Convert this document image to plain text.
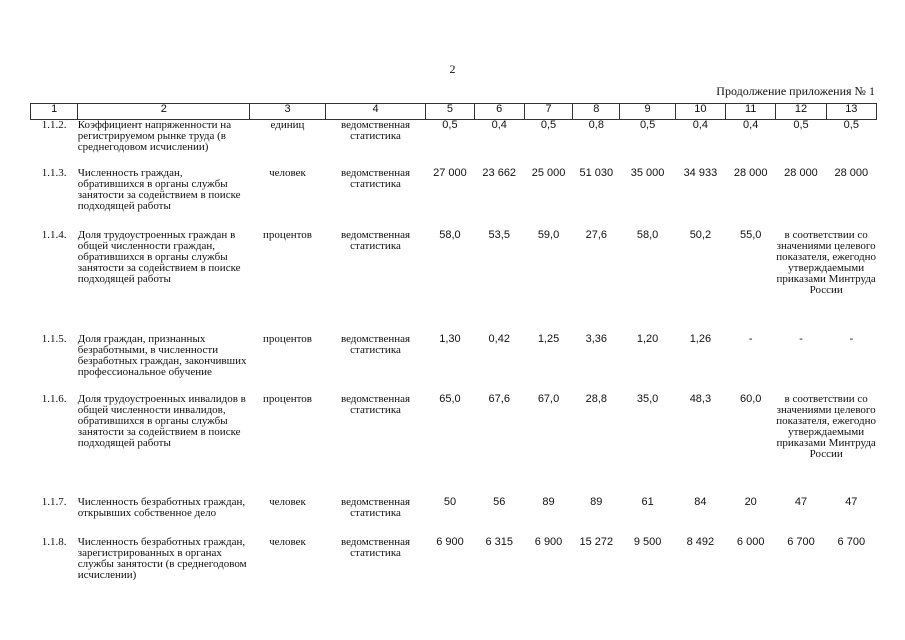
2
Продолжение приложения № 1
1	2	3	4	5	6	7	8	9	10	11	12	13
1.1.2.	Коэффициент напряженности на регистрируемом рынке труда (в среднегодовом исчислении)	единиц	ведомственная статистика	0,5	0,4	0,5	0,8	0,5	0,4	0,4	0,5	0,5
1.1.3.	Численность граждан, обратившихся в органы службы занятости за содействием в поиске подходящей работы	человек	ведомственная статистика	27 000	23 662	25 000	51 030	35 000	34 933	28 000	28 000	28 000
1.1.4.	Доля трудоустроенных граждан в общей численности граждан, обратившихся в органы службы занятости за содействием в поиске подходящей работы	процентов	ведомственная статистика	58,0	53,5	59,0	27,6	58,0	50,2	55,0	в соответствии со значениями целевого показателя, ежегодно утверждаемыми приказами Минтруда России	
1.1.5.	Доля граждан, признанных безработными, в численности безработных граждан, закончивших профессиональное обучение	процентов	ведомственная статистика	1,30	0,42	1,25	3,36	1,20	1,26	-	-	-
1.1.6.	Доля трудоустроенных инвалидов в общей численности инвалидов, обратившихся в органы службы занятости за содействием в поиске подходящей работы	процентов	ведомственная статистика	65,0	67,6	67,0	28,8	35,0	48,3	60,0	в соответствии со значениями целевого показателя, ежегодно утверждаемыми приказами Минтруда России	
1.1.7.	Численность безработных граждан, открывших собственное дело	человек	ведомственная статистика	50	56	89	89	61	84	20	47	47
1.1.8.	Численность безработных граждан, зарегистрированных в органах службы занятости (в среднегодовом исчислении)	человек	ведомственная статистика	6 900	6 315	6 900	15 272	9 500	8 492	6 000	6 700	6 700
